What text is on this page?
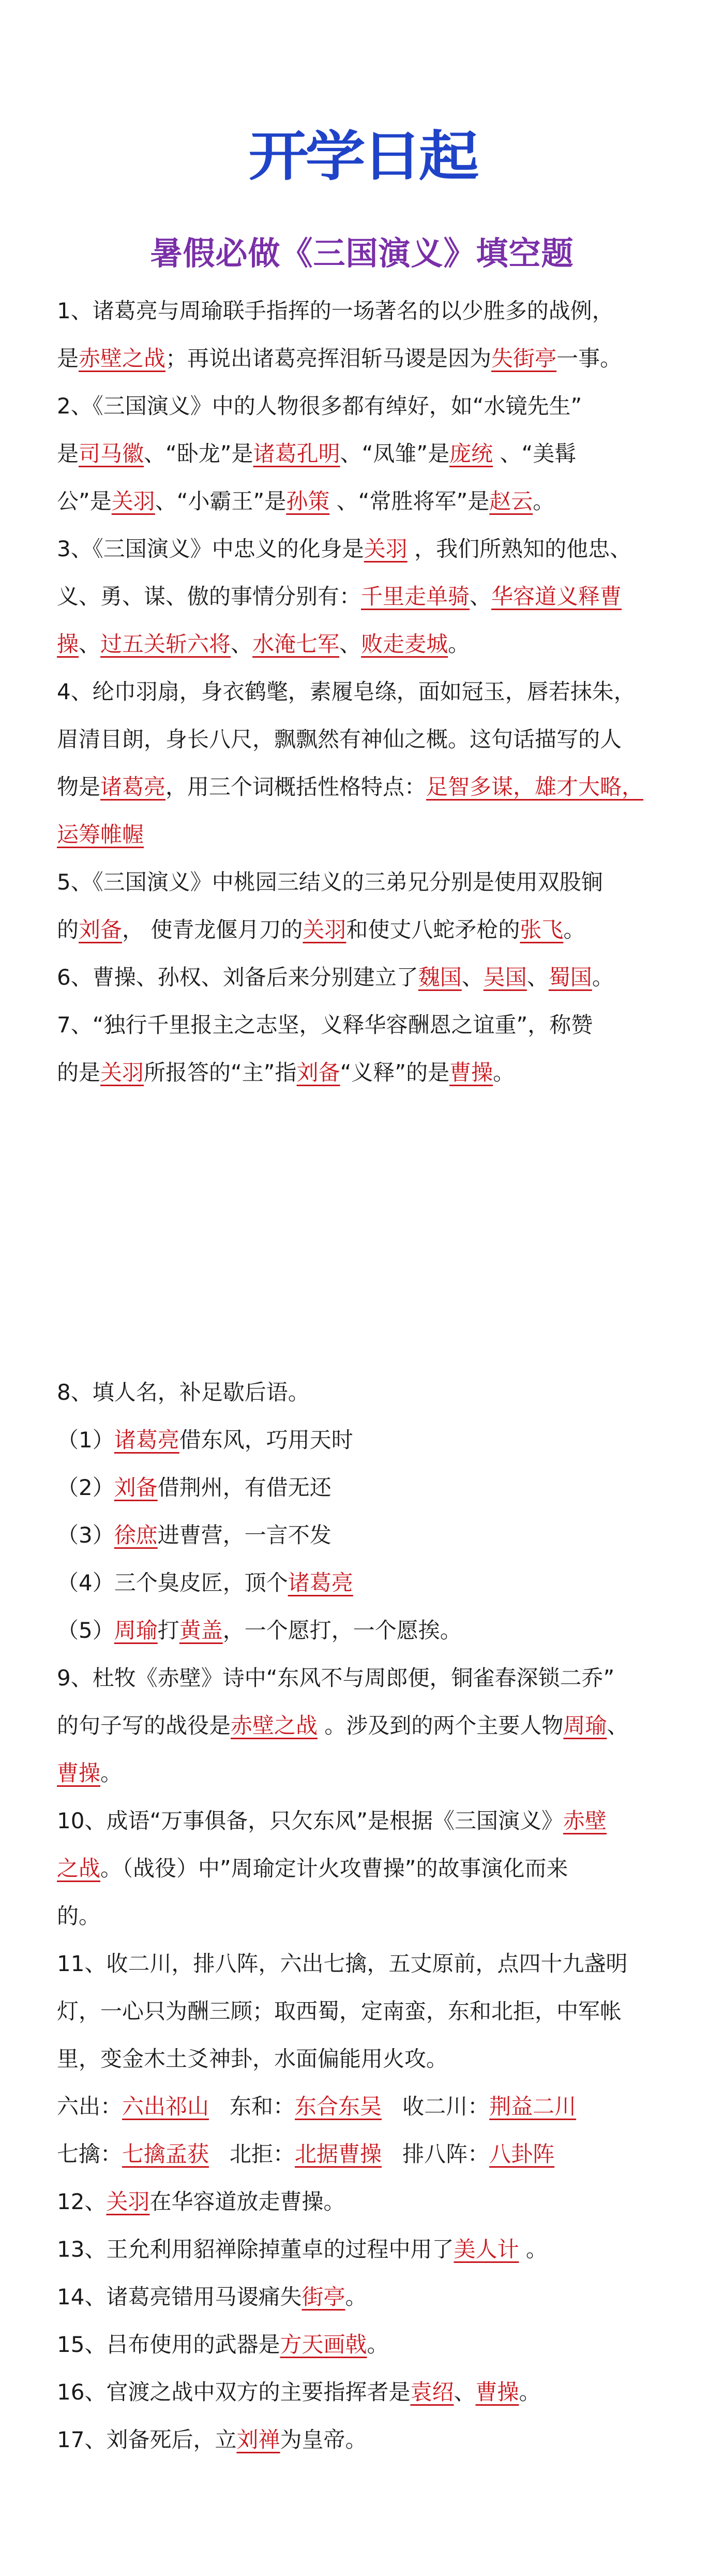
开学日起
暑假必做《三国演义》填空题
1、诸葛亮与周瑜联手指挥的一场著名的以少胜多的战例，
是赤壁之战；再说出诸葛亮挥泪斩马谡是因为失街亭一事。
2、《三国演义》中的人物很多都有绰好，如“水镜先生”
是司马徽、“卧龙”是诸葛孔明、“凤雏”是庞统 、“美髯
公”是关羽、“小霸王”是孙策 、“常胜将军”是赵云。
3、《三国演义》中忠义的化身是关羽 ，我们所熟知的他忠、
义、勇、谋、傲的事情分别有：千里走单骑、华容道义释曹
操、过五关斩六将、水淹七军、败走麦城。
4、纶巾羽扇，身衣鹤氅，素履皂绦，面如冠玉，唇若抹朱，
眉清目朗，身长八尺，飘飘然有神仙之概。这句话描写的人
物是诸葛亮，用三个词概括性格特点：足智多谋，雄才大略，
运筹帷幄
5、《三国演义》中桃园三结义的三弟兄分别是使用双股锏
的刘备， 使青龙偃月刀的关羽和使丈八蛇矛枪的张飞。
6、曹操、孙权、刘备后来分别建立了魏国、吴国、蜀国。
7、“独行千里报主之志坚，义释华容酬恩之谊重”，称赞
的是关羽所报答的“主”指刘备“义释”的是曹操。
8、填人名，补足歇后语。
（1）诸葛亮借东风，巧用天时
（2）刘备借荆州，有借无还
（3）徐庶进曹营，一言不发
（4）三个臭皮匠，顶个诸葛亮
（5）周瑜打黄盖，一个愿打，一个愿挨。
9、杜牧《赤壁》诗中“东风不与周郎便，铜雀春深锁二乔”
的句子写的战役是赤壁之战 。涉及到的两个主要人物周瑜、
曹操。
10、成语“万事俱备，只欠东风”是根据《三国演义》赤壁
之战。（战役）中”周瑜定计火攻曹操”的故事演化而来
的。
11、收二川，排八阵，六出七擒，五丈原前，点四十九盏明
灯，一心只为酬三顾；取西蜀，定南蛮，东和北拒，中军帐
里，变金木土爻神卦，水面偏能用火攻。
六出：六出祁山 东和：东合东吴 收二川：荆益二川
七擒：七擒孟获 北拒：北据曹操 排八阵：八卦阵
12、关羽在华容道放走曹操。
13、王允利用貂禅除掉董卓的过程中用了美人计 。
14、诸葛亮错用马谡痛失街亭。
15、吕布使用的武器是方天画戟。
16、官渡之战中双方的主要指挥者是袁绍、曹操。
17、刘备死后，立刘禅为皇帝。
